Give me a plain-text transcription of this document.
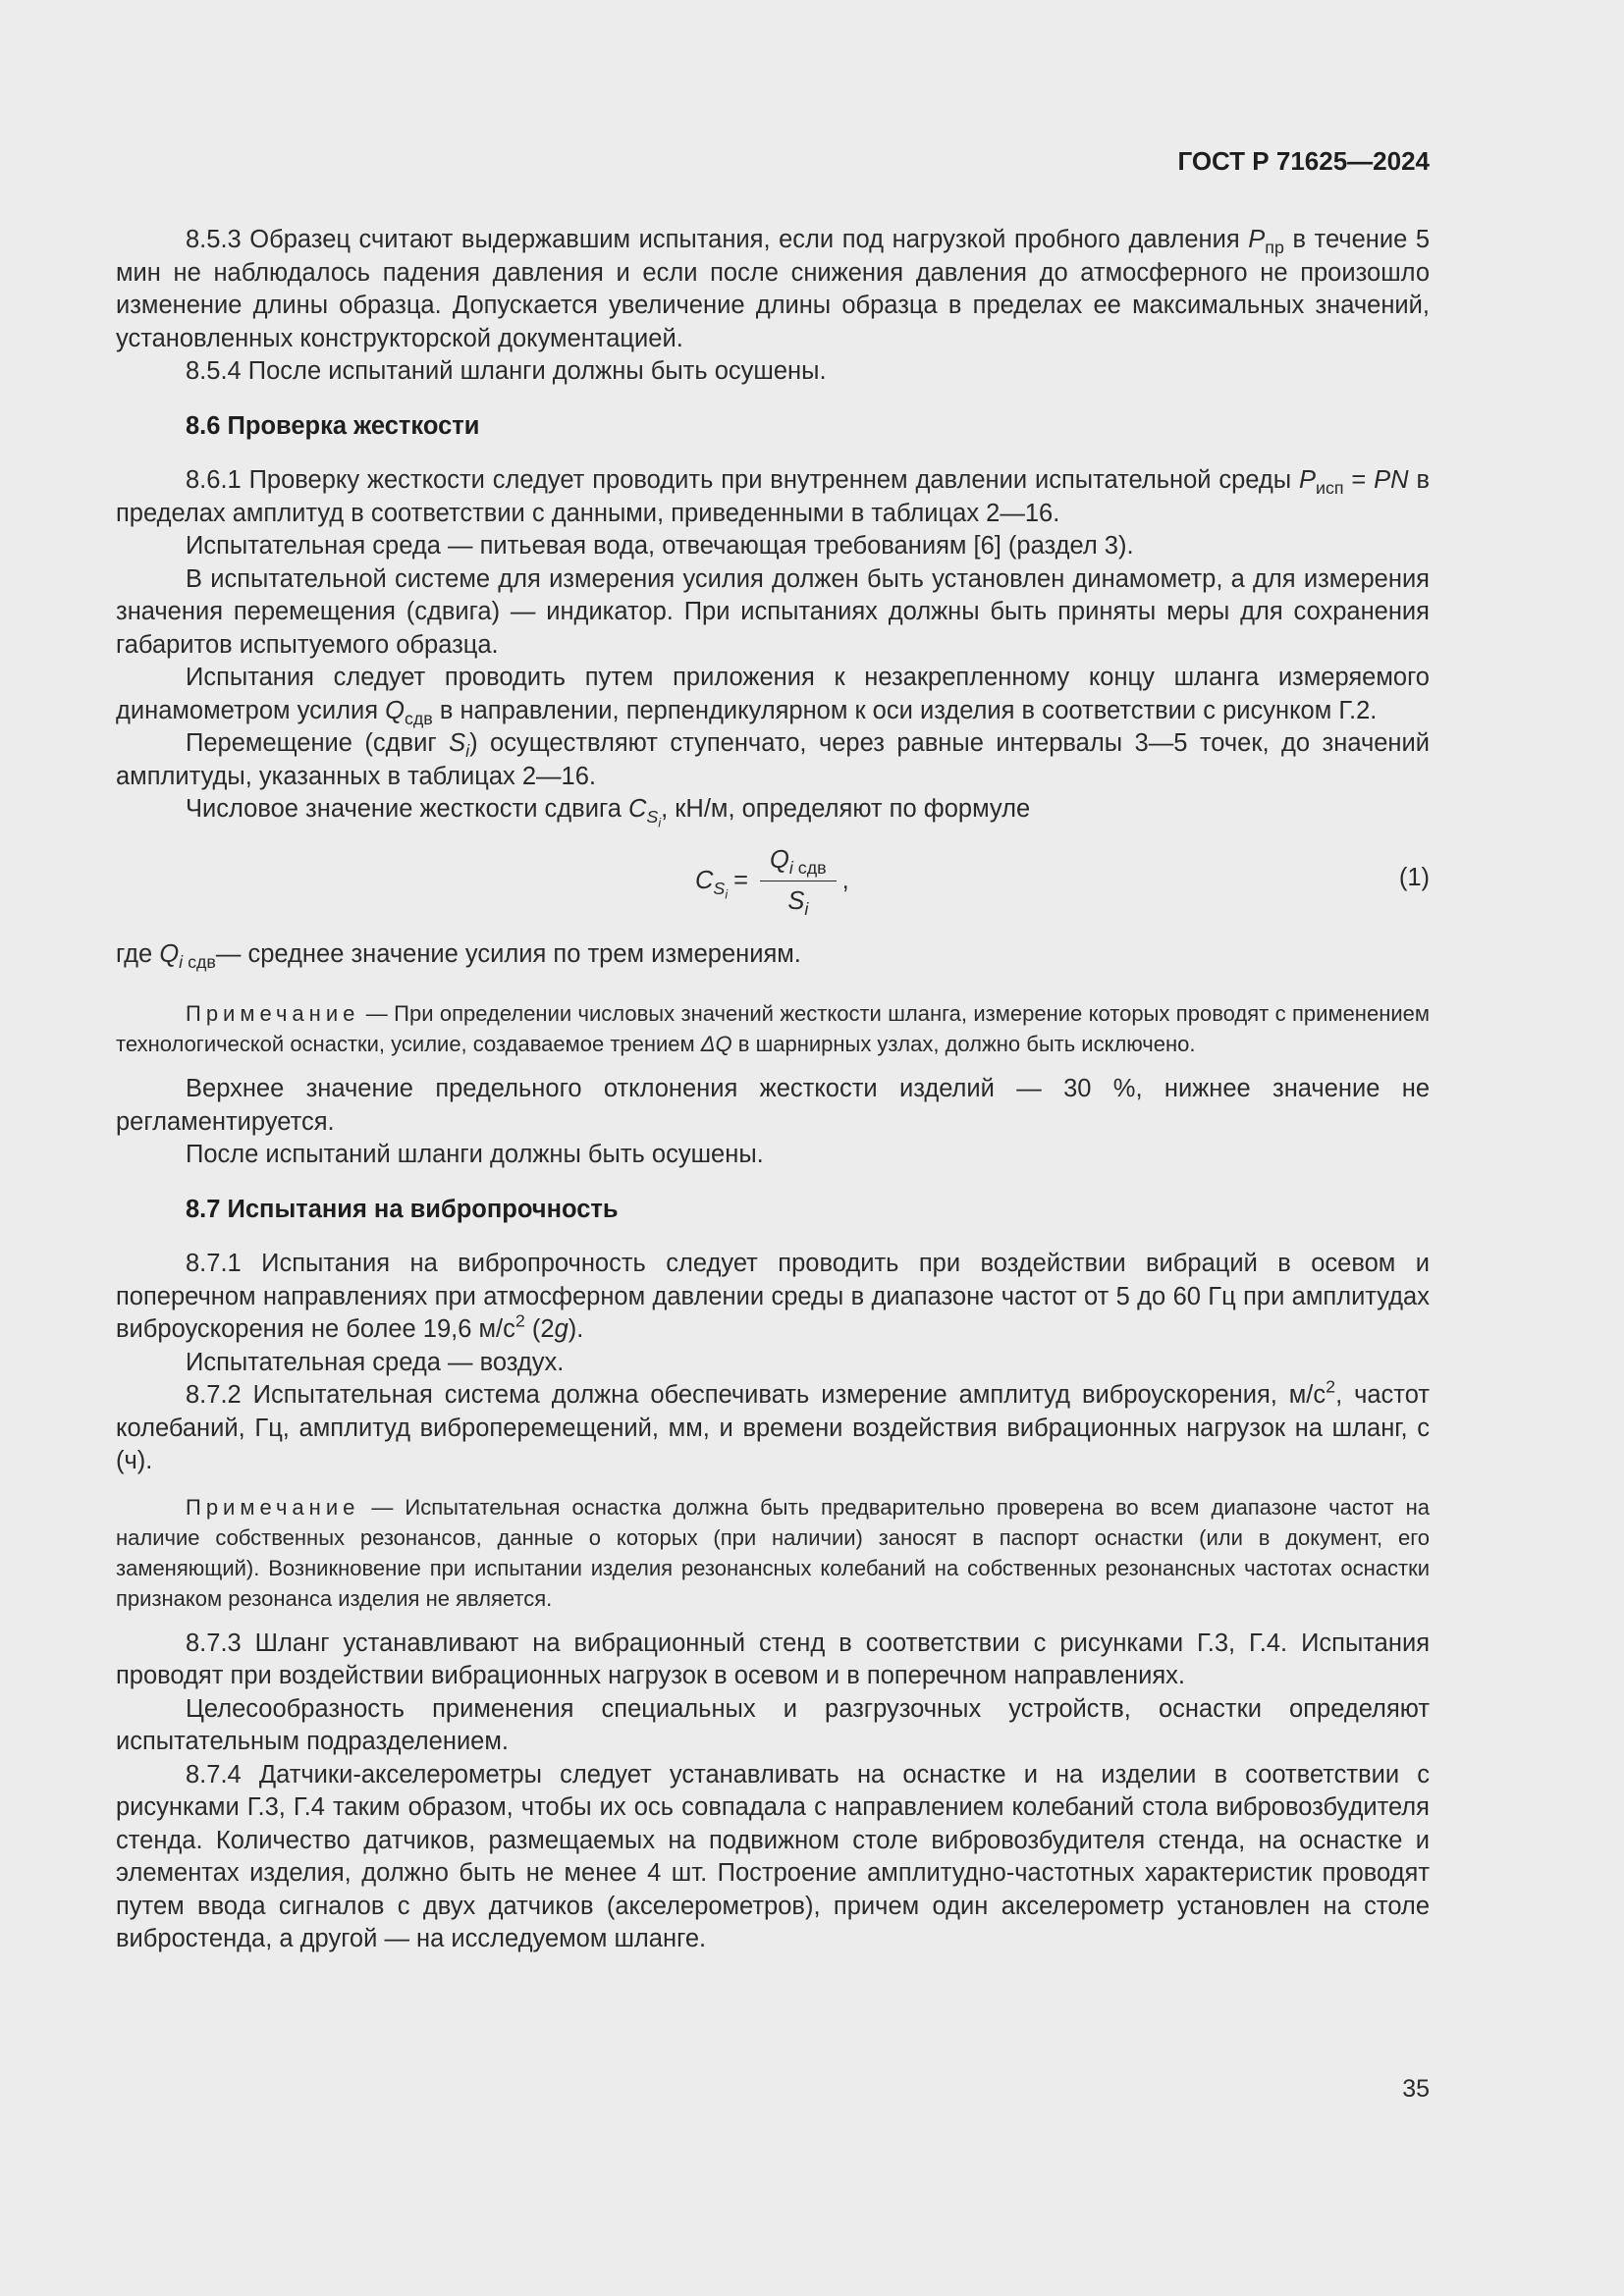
ГОСТ Р 71625—2024

8.5.3 Образец считают выдержавшим испытания, если под нагрузкой пробного давления $P_{пр}$ в течение 5 мин не наблюдалось падения давления и если после снижения давления до атмосферного не произошло изменение длины образца. Допускается увеличение длины образца в пределах ее максимальных значений, установленных конструкторской документацией.

8.5.4 После испытаний шланги должны быть осушены.

8.6 Проверка жесткости

8.6.1 Проверку жесткости следует проводить при внутреннем давлении испытательной среды $P_{исп}$ = PN в пределах амплитуд в соответствии с данными, приведенными в таблицах 2—16.

Испытательная среда — питьевая вода, отвечающая требованиям [6] (раздел 3).

В испытательной системе для измерения усилия должен быть установлен динамометр, а для измерения значения перемещения (сдвига) — индикатор. При испытаниях должны быть приняты меры для сохранения габаритов испытуемого образца.

Испытания следует проводить путем приложения к незакрепленному концу шланга измеряемого динамометром усилия $Q_{сдв}$ в направлении, перпендикулярном к оси изделия в соответствии с рисунком Г.2.

Перемещение (сдвиг $S_i$) осуществляют ступенчато, через равные интервалы 3—5 точек, до значений амплитуды, указанных в таблицах 2—16.

Числовое значение жесткости сдвига $C_{S_i}$, кН/м, определяют по формуле

$C_{S_i}$
= $\frac{Q_{i сдв}}{S_i}$ ,	(1)

где $Q_{i сдв}—$ среднее значение усилия по трем измерениям.

Примечание — При определении числовых значений жесткости шланга, измерение которых проводят с применением технологической оснастки, усилие, создаваемое трением ΔQ в шарнирных узлах, должно быть исключено.

Верхнее значение предельного отклонения жесткости изделий — 30 %, нижнее значение не регламентируется.

После испытаний шланги должны быть осушены.

8.7 Испытания на вибропрочность

8.7.1 Испытания на вибропрочность следует проводить при воздействии вибраций в осевом и поперечном направлениях при атмосферном давлении среды в диапазоне частот от 5 до 60 Гц при амплитудах виброускорения не более 19,6 $м/с^2$ (2g).

Испытательная среда — воздух.

8.7.2 Испытательная система должна обеспечивать измерение амплитуд виброускорения, $м/с^2$, частот колебаний, Гц, амплитуд виброперемещений, мм, и времени воздействия вибрационных нагрузок на шланг, с (ч).

Примечание — Испытательная оснастка должна быть предварительно проверена во всем диапазоне частот на наличие собственных резонансов, данные о которых (при наличии) заносят в паспорт оснастки (или в документ, его заменяющий). Возникновение при испытании изделия резонансных колебаний на собственных резонансных частотах оснастки признаком резонанса изделия не является.

8.7.3 Шланг устанавливают на вибрационный стенд в соответствии с рисунками Г.3, Г.4. Испытания проводят при воздействии вибрационных нагрузок в осевом и в поперечном направлениях.

Целесообразность применения специальных и разгрузочных устройств, оснастки определяют испытательным подразделением.

8.7.4 Датчики-акселерометры следует устанавливать на оснастке и на изделии в соответствии с рисунками Г.3, Г.4 таким образом, чтобы их ось совпадала с направлением колебаний стола вибровозбудителя стенда. Количество датчиков, размещаемых на подвижном столе вибровозбудителя стенда, на оснастке и элементах изделия, должно быть не менее 4 шт. Построение амплитудно-частотных характеристик проводят путем ввода сигналов с двух датчиков (акселерометров), причем один акселерометр установлен на столе вибростенда, а другой — на исследуемом шланге.

35
